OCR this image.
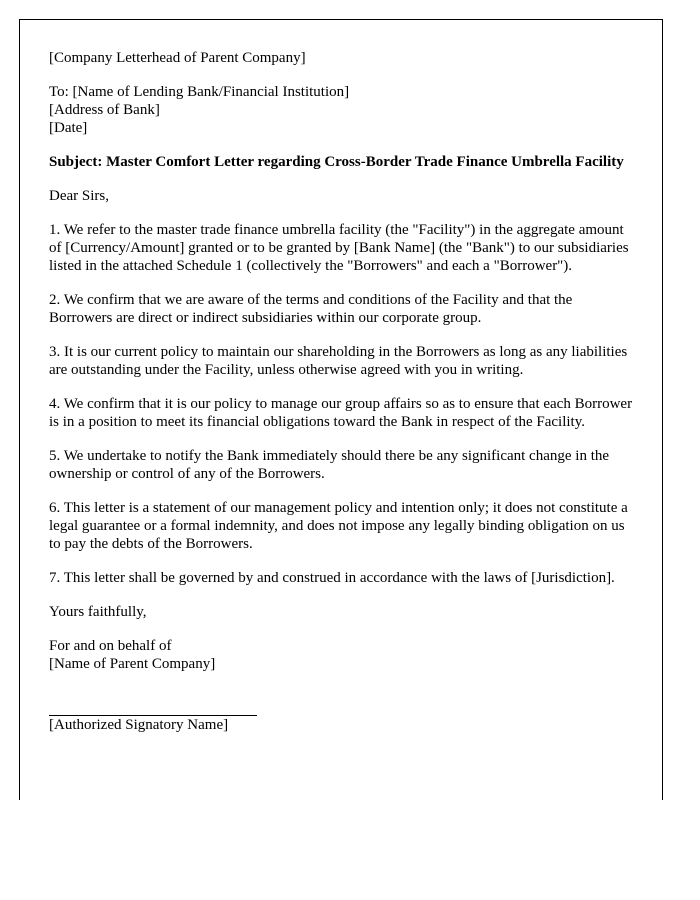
[Company Letterhead of Parent Company]
To: [Name of Lending Bank/Financial Institution]
[Address of Bank]
[Date]
Subject: Master Comfort Letter regarding Cross-Border Trade Finance Umbrella Facility
Dear Sirs,

1. We refer to the master trade finance umbrella facility (the "Facility") in the aggregate amount of [Currency/Amount] granted or to be granted by [Bank Name] (the "Bank") to our subsidiaries listed in the attached Schedule 1 (collectively the "Borrowers" and each a "Borrower").

2. We confirm that we are aware of the terms and conditions of the Facility and that the Borrowers are direct or indirect subsidiaries within our corporate group.

3. It is our current policy to maintain our shareholding in the Borrowers as long as any liabilities are outstanding under the Facility, unless otherwise agreed with you in writing.

4. We confirm that it is our policy to manage our group affairs so as to ensure that each Borrower is in a position to meet its financial obligations toward the Bank in respect of the Facility.

5. We undertake to notify the Bank immediately should there be any significant change in the ownership or control of any of the Borrowers.

6. This letter is a statement of our management policy and intention only; it does not constitute a legal guarantee or a formal indemnity, and does not impose any legally binding obligation on us to pay the debts of the Borrowers.

7. This letter shall be governed by and construed in accordance with the laws of [Jurisdiction].

Yours faithfully,
For and on behalf of
[Name of Parent Company]
[Authorized Signatory Name]
